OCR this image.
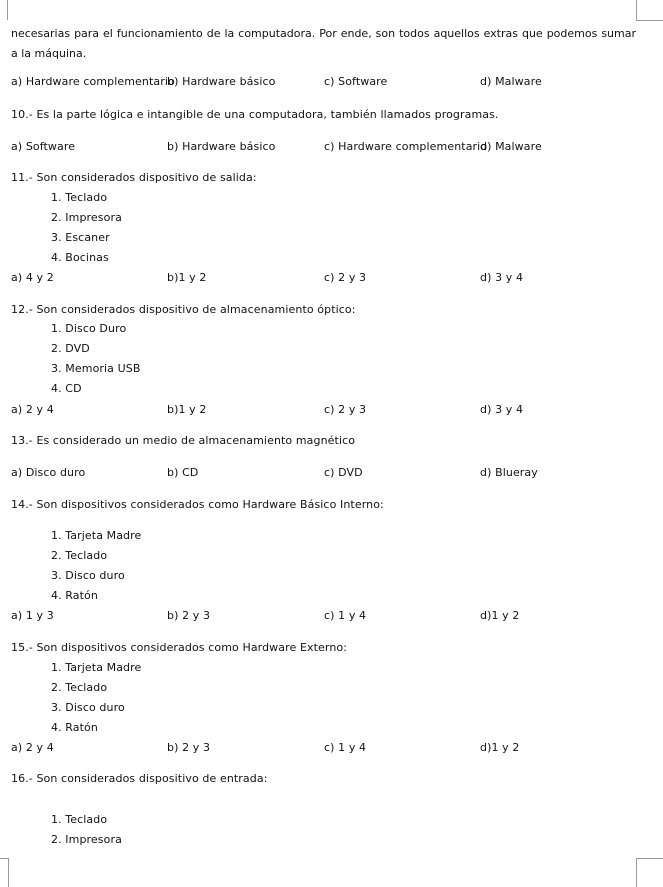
necesarias para el funcionamiento de la computadora. Por ende, son todos aquellos extras que podemos sumar a la máquina.
a) Hardware complementario
b) Hardware básico	c) Software	d) Malware
10.- Es la parte lógica e intangible de una computadora, también llamados programas.
a) Software	b) Hardware básico	c) Hardware complementario
d) Malware
11.- Son considerados dispositivo de salida:
1. Teclado
2. Impresora
3. Escaner
4. Bocinas
a) 4 y 2	b)1 y 2	c) 2 y 3	d) 3 y 4
12.- Son considerados dispositivo de almacenamiento óptico:
1. Disco Duro
2. DVD
3. Memoria USB
4. CD
a) 2 y 4	b)1 y 2	c) 2 y 3	d) 3 y 4
13.- Es considerado un medio de almacenamiento magnético
a) Disco duro	b) CD	c) DVD	d) Blueray
14.- Son dispositivos considerados como Hardware Básico Interno:
1. Tarjeta Madre
2. Teclado
3. Disco duro
4. Ratón
a) 1 y 3	b) 2 y 3	c) 1 y 4	d)1 y 2
15.- Son dispositivos considerados como Hardware Externo:
1. Tarjeta Madre
2. Teclado
3. Disco duro
4. Ratón
a) 2 y 4	b) 2 y 3	c) 1 y 4	d)1 y 2
16.- Son considerados dispositivo de entrada:
1. Teclado
2. Impresora
